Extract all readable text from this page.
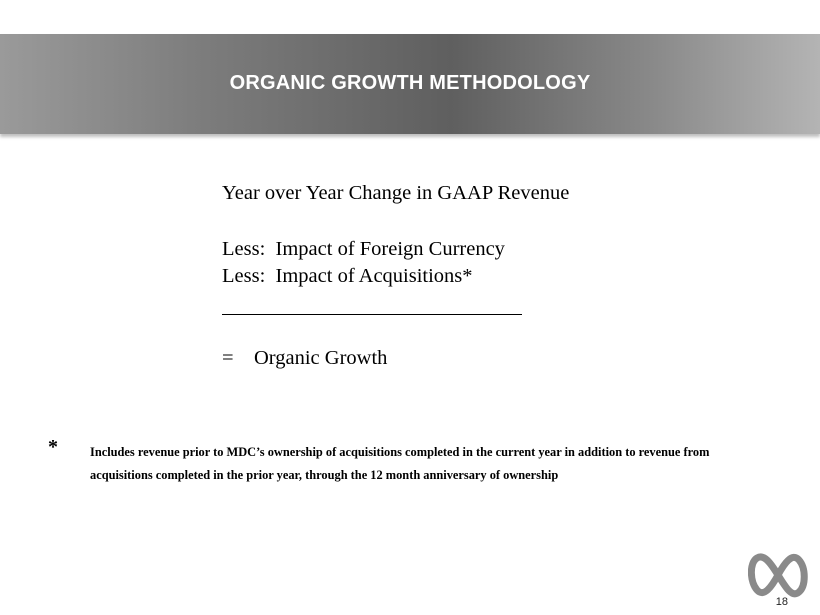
ORGANIC GROWTH METHODOLOGY
Year over Year Change in GAAP Revenue
Less:  Impact of Foreign Currency
Less:  Impact of Acquisitions*
= Organic Growth
*	Includes revenue prior to MDC’s ownership of acquisitions completed in the current year in addition to revenue from acquisitions completed in the prior year, through the 12 month anniversary of ownership
18
